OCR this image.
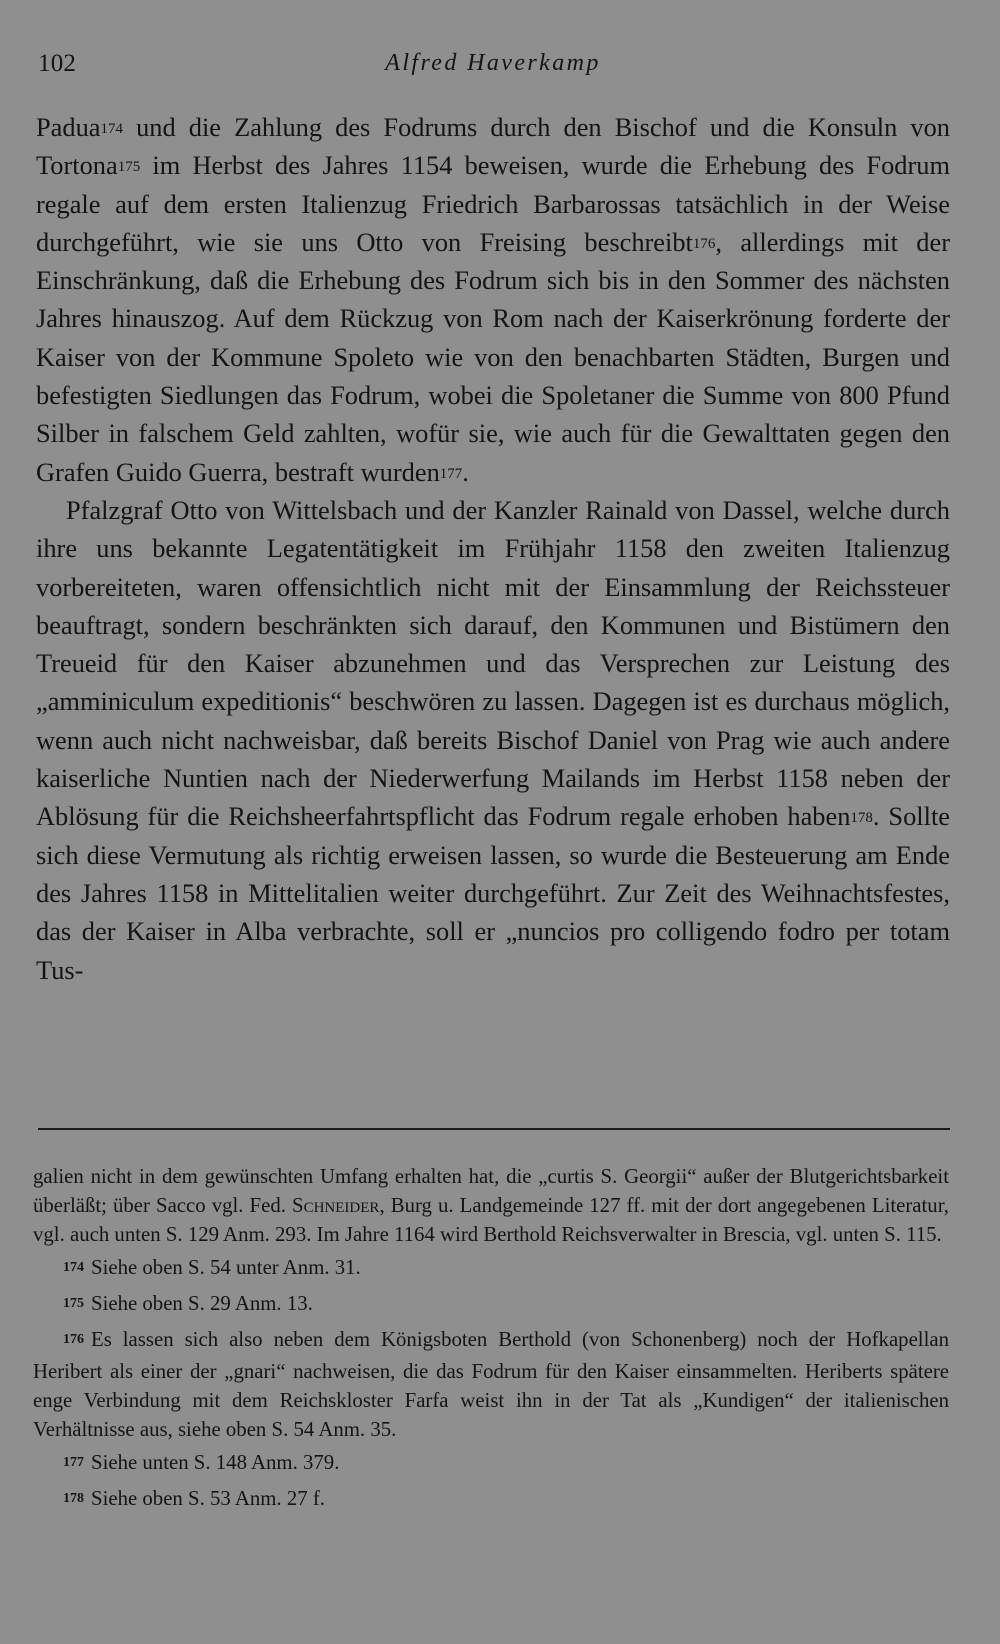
102	Alfred Haverkamp

Padua$^{174}$ und die Zahlung des Fodrums durch den Bischof und die Konsuln von Tortona$^{175}$ im Herbst des Jahres 1154 beweisen, wurde die Erhebung des Fodrum regale auf dem ersten Italienzug Friedrich Barbarossas tatsächlich in der Weise durchgeführt, wie sie uns Otto von Freising beschreibt$^{176}$, allerdings mit der Einschränkung, daß die Erhebung des Fodrum sich bis in den Sommer des nächsten Jahres hinauszog. Auf dem Rückzug von Rom nach der Kaiserkrönung forderte der Kaiser von der Kommune Spoleto wie von den benachbarten Städten, Burgen und befestigten Siedlungen das Fodrum, wobei die Spoletaner die Summe von 800 Pfund Silber in falschem Geld zahlten, wofür sie, wie auch für die Gewalttaten gegen den Grafen Guido Guerra, bestraft wurden$^{177}$.

Pfalzgraf Otto von Wittelsbach und der Kanzler Rainald von Dassel, welche durch ihre uns bekannte Legatentätigkeit im Frühjahr 1158 den zweiten Italienzug vorbereiteten, waren offensichtlich nicht mit der Einsammlung der Reichssteuer beauftragt, sondern beschränkten sich darauf, den Kommunen und Bistümern den Treueid für den Kaiser abzunehmen und das Versprechen zur Leistung des „amminiculum expeditionis“ beschwören zu lassen. Dagegen ist es durchaus möglich, wenn auch nicht nachweisbar, daß bereits Bischof Daniel von Prag wie auch andere kaiserliche Nuntien nach der Niederwerfung Mailands im Herbst 1158 neben der Ablösung für die Reichsheerfahrtspflicht das Fodrum regale erhoben haben$^{178}$. Sollte sich diese Vermutung als richtig erweisen lassen, so wurde die Besteuerung am Ende des Jahres 1158 in Mittelitalien weiter durchgeführt. Zur Zeit des Weihnachtsfestes, das der Kaiser in Alba verbrachte, soll er „nuncios pro colligendo fodro per totam Tus-

galien nicht in dem gewünschten Umfang erhalten hat, die „curtis S. Georgii“ außer der Blutgerichtsbarkeit überläßt; über Sacco vgl. Fed. Schneider, Burg u. Landgemeinde 127 ff. mit der dort angegebenen Literatur, vgl. auch unten S. 129 Anm. 293. Im Jahre 1164 wird Berthold Reichsverwalter in Brescia, vgl. unten S. 115.

174 Siehe oben S. 54 unter Anm. 31.

175 Siehe oben S. 29 Anm. 13.

176 Es lassen sich also neben dem Königsboten Berthold (von Schonenberg) noch der Hofkapellan Heribert als einer der „gnari“ nachweisen, die das Fodrum für den Kaiser einsammelten. Heriberts spätere enge Verbindung mit dem Reichskloster Farfa weist ihn in der Tat als „Kundigen“ der italienischen Verhältnisse aus, siehe oben S. 54 Anm. 35.

177 Siehe unten S. 148 Anm. 379.

178 Siehe oben S. 53 Anm. 27 f.
